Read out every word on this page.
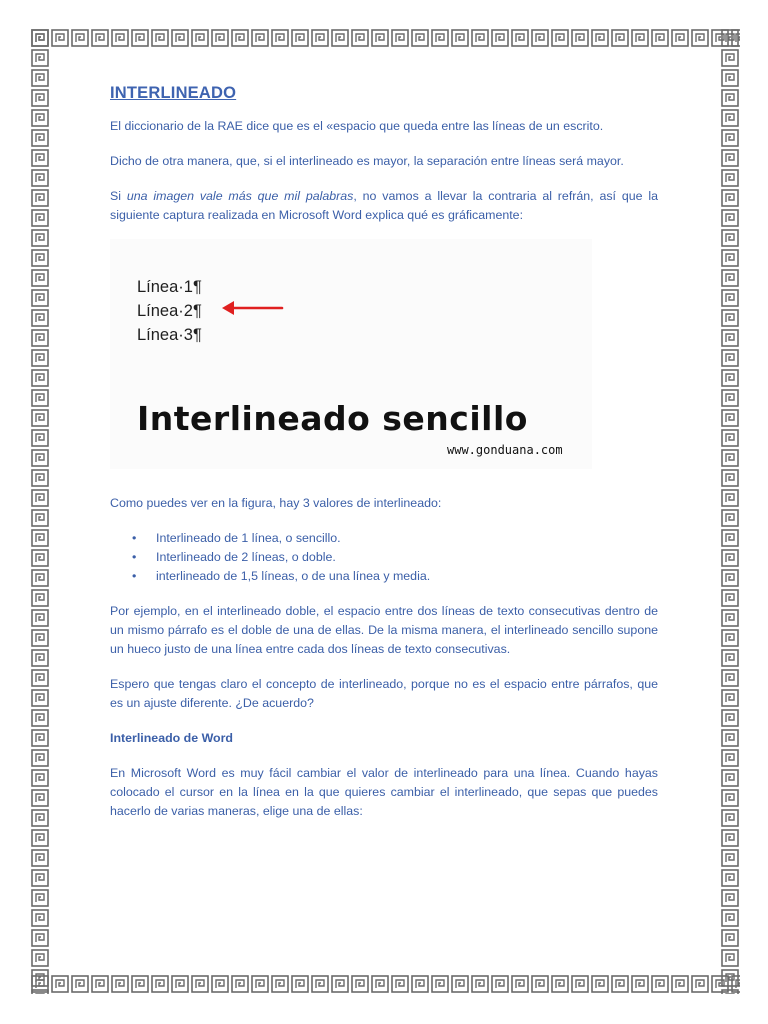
INTERLINEADO

El diccionario de la RAE dice que es el «espacio que queda entre las líneas de un escrito.

Dicho de otra manera, que, si el interlineado es mayor, la separación entre líneas será mayor.

Si una imagen vale más que mil palabras, no vamos a llevar la contraria al refrán, así que la siguiente captura realizada en Microsoft Word explica qué es gráficamente:

Línea·1¶
Línea·2¶
Línea·3¶
Interlineado sencillo
www.gonduana.com

Como puedes ver en la figura, hay 3 valores de interlineado:

• Interlineado de 1 línea, o sencillo.
• Interlineado de 2 líneas, o doble.
• interlineado de 1,5 líneas, o de una línea y media.

Por ejemplo, en el interlineado doble, el espacio entre dos líneas de texto consecutivas dentro de un mismo párrafo es el doble de una de ellas. De la misma manera, el interlineado sencillo supone un hueco justo de una línea entre cada dos líneas de texto consecutivas.

Espero que tengas claro el concepto de interlineado, porque no es el espacio entre párrafos, que es un ajuste diferente. ¿De acuerdo?

Interlineado de Word

En Microsoft Word es muy fácil cambiar el valor de interlineado para una línea. Cuando hayas colocado el cursor en la línea en la que quieres cambiar el interlineado, que sepas que puedes hacerlo de varias maneras, elige una de ellas:
